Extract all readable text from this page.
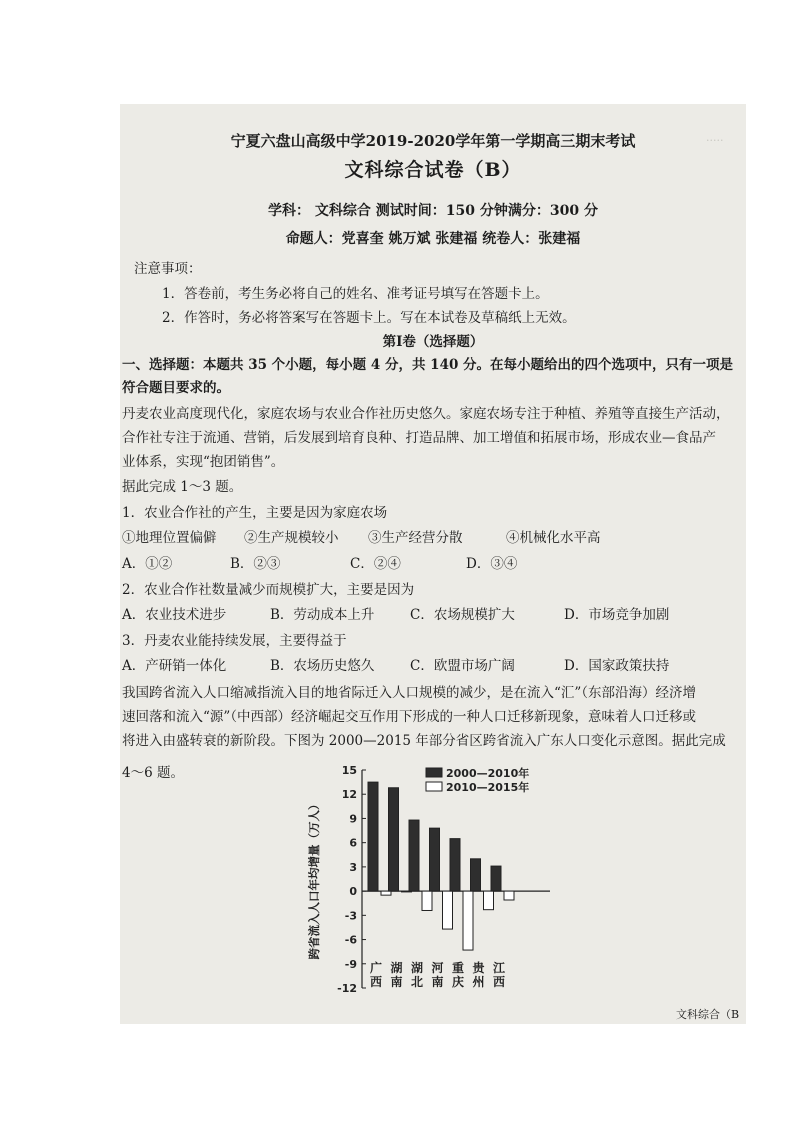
·····
宁夏六盘山高级中学2019-2020学年第一学期高三期末考试
文科综合试卷（B）
学科： 文科综合 测试时间：150 分钟满分：300 分
命题人：党喜奎 姚万斌 张建福 统卷人：张建福
注意事项：
1．答卷前，考生务必将自己的姓名、准考证号填写在答题卡上。
2．作答时，务必将答案写在答题卡上。写在本试卷及草稿纸上无效。
第Ⅰ卷（选择题）
一、选择题：本题共 35 个小题，每小题 4 分，共 140 分。在每小题给出的四个选项中，只有一项是
符合题目要求的。
丹麦农业高度现代化，家庭农场与农业合作社历史悠久。家庭农场专注于种植、养殖等直接生产活动，
合作社专注于流通、营销，后发展到培育良种、打造品牌、加工增值和拓展市场，形成农业—食品产
业体系，实现“抱团销售”。
据此完成 1～3 题。
1．农业合作社的产生，主要是因为家庭农场
①地理位置偏僻 ②生产规模较小 ③生产经营分散	④机械化水平高
A．①②	B．②③	C．②④	D．③④
2．农业合作社数量减少而规模扩大，主要是因为
A．农业技术进步	B．劳动成本上升	C．农场规模扩大	D．市场竞争加剧
3．丹麦农业能持续发展，主要得益于
A．产研销一体化	B．农场历史悠久	C．欧盟市场广阔	D．国家政策扶持
我国跨省流入人口缩减指流入目的地省际迁入人口规模的减少，是在流入“汇”（东部沿海）经济增
速回落和流入“源”（中西部）经济崛起交互作用下形成的一种人口迁移新现象，意味着人口迁移或
将进入由盛转衰的新阶段。下图为 2000—2015 年部分省区跨省流入广东人口变化示意图。据此完成
4～6 题。	15
12
9
6
3
0
-3
-6
-9
-12
跨省流入人口年均增量（万人）
广
西
湖
南
湖
北
河
南
重
庆
贵
州
江
西
2000—2010年
2010—2015年
文科综合（B
